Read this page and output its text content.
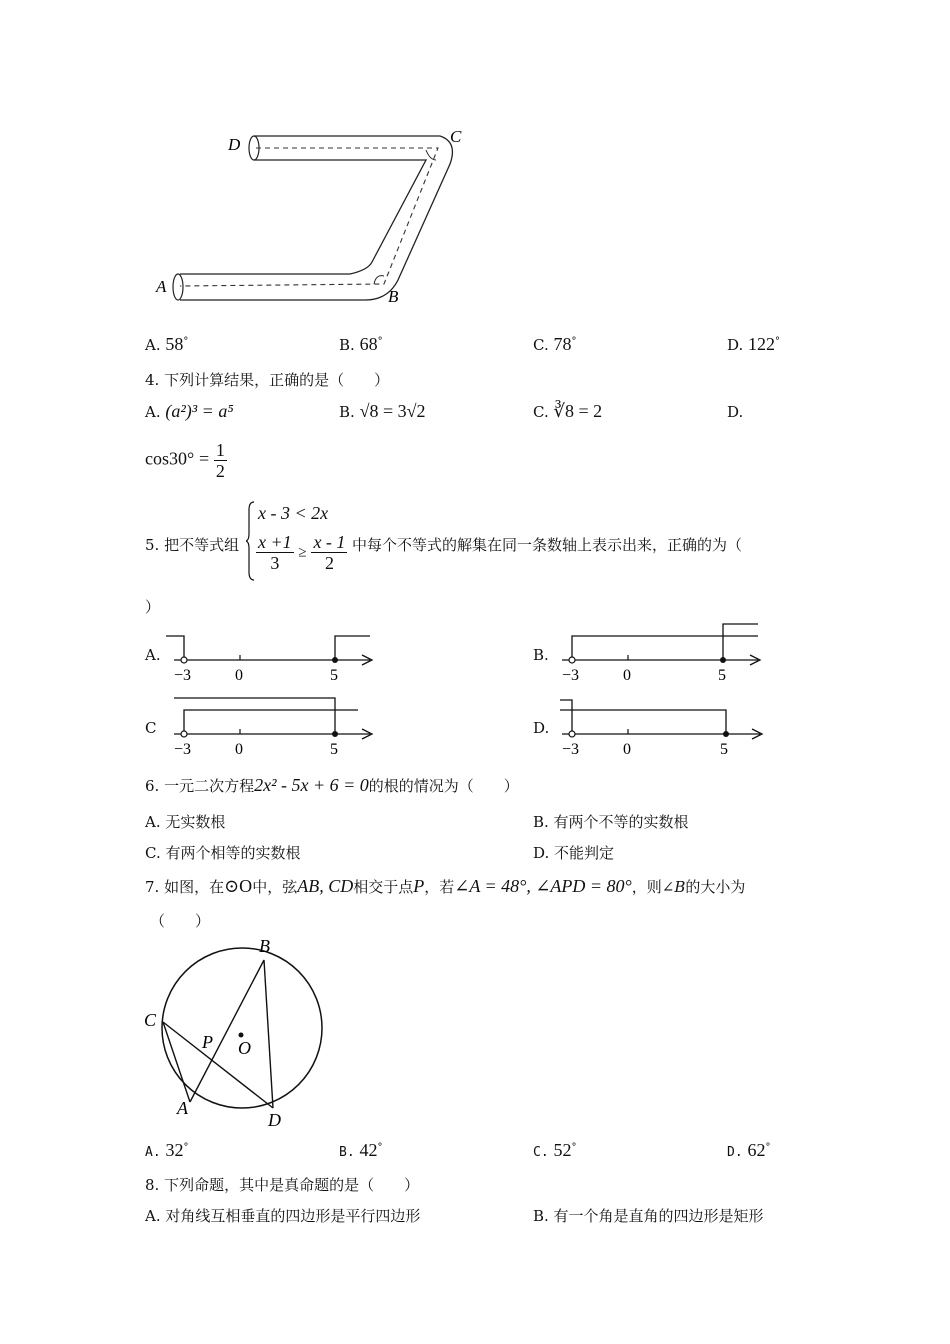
D	C
A
B
A. 58°	B. 68°	C. 78°	D. 122°
4. 下列计算结果，正确的是（　　）
A. (a²)³ = a⁵	B. √8 = 3√2	C. ∛8 = 2	D.
$\cos 30^\circ = \frac{1}{2}$
5. 把不等式组
x - 3 < 2x
$\frac{x +1}{3} \ge \frac{x - 1}{2}$ 中每个不等式的解集在同一条数轴上表示出来，正确的为（
）
A.
−3	0	5
B.
−3	0	5
C
−3	0	5
D.
−3	0	5
6. 一元二次方程2x² - 5x + 6 = 0的根的情况为（　　）
A. 无实数根	B. 有两个不等的实数根
C. 有两个相等的实数根	D. 不能判定
7. 如图，在⊙O中，弦AB, CD相交于点P，若∠A = 48°, ∠APD = 80°，则∠B的大小为
（　　）
B
C
P O
A
D
A. 32°	B. 42°	C. 52°	D. 62°
8. 下列命题，其中是真命题的是（　　）
A. 对角线互相垂直的四边形是平行四边形	B. 有一个角是直角的四边形是矩形
